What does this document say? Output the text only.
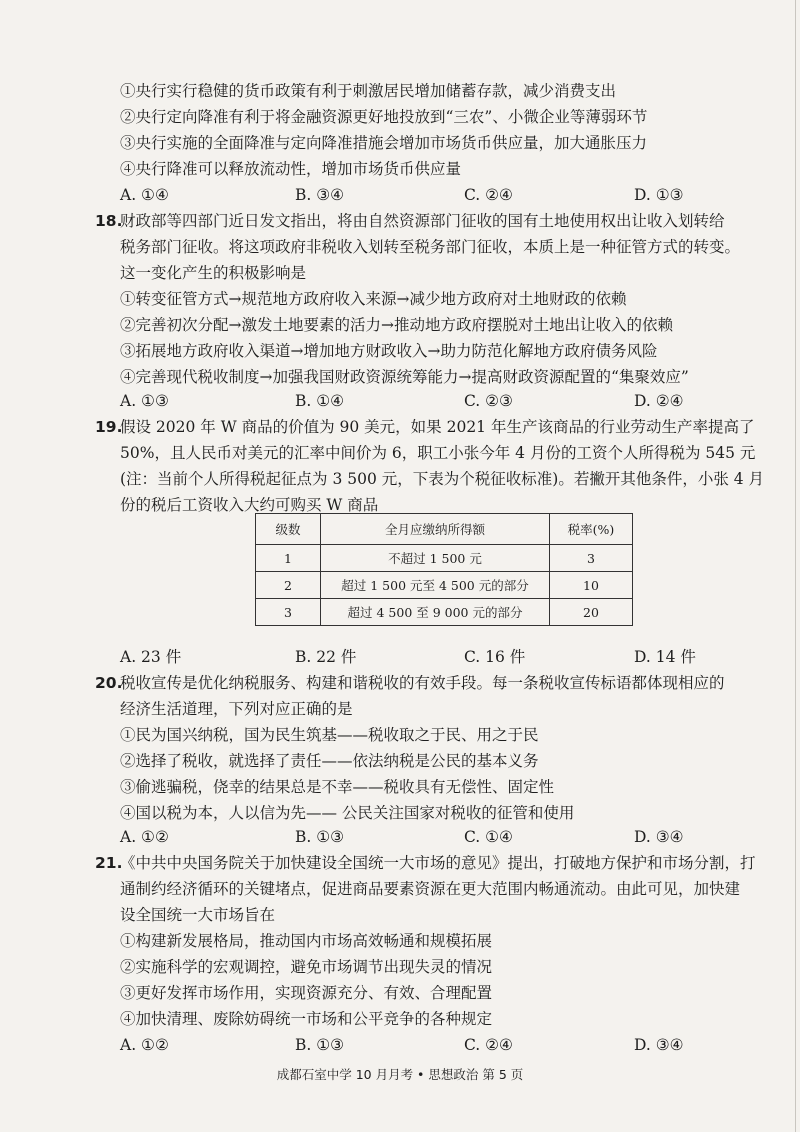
①央行实行稳健的货币政策有利于刺激居民增加储蓄存款，减少消费支出
②央行定向降准有利于将金融资源更好地投放到“三农”、小微企业等薄弱环节
③央行实施的全面降准与定向降准措施会增加市场货币供应量，加大通胀压力
④央行降准可以释放流动性，增加市场货币供应量
A. ①④	B. ③④	C. ②④	D. ①③
18.
财政部等四部门近日发文指出，将由自然资源部门征收的国有土地使用权出让收入划转给
税务部门征收。将这项政府非税收入划转至税务部门征收，本质上是一种征管方式的转变。
这一变化产生的积极影响是
①转变征管方式→规范地方政府收入来源→减少地方政府对土地财政的依赖
②完善初次分配→激发土地要素的活力→推动地方政府摆脱对土地出让收入的依赖
③拓展地方政府收入渠道→增加地方财政收入→助力防范化解地方政府债务风险
④完善现代税收制度→加强我国财政资源统筹能力→提高财政资源配置的“集聚效应”
A. ①③	B. ①④	C. ②③	D. ②④
19.
假设 2020 年 W 商品的价值为 90 美元，如果 2021 年生产该商品的行业劳动生产率提高了
50%，且人民币对美元的汇率中间价为 6，职工小张今年 4 月份的工资个人所得税为 545 元
(注：当前个人所得税起征点为 3 500 元，下表为个税征收标准)。若撇开其他条件，小张 4 月
份的税后工资收入大约可购买 W 商品
级数	全月应缴纳所得额	税率(%)
1	不超过 1 500 元	3
2	超过 1 500 元至 4 500 元的部分	10
3	超过 4 500 至 9 000 元的部分	20
A. 23 件	B. 22 件	C. 16 件	D. 14 件
20.
税收宣传是优化纳税服务、构建和谐税收的有效手段。每一条税收宣传标语都体现相应的
经济生活道理，下列对应正确的是
①民为国兴纳税，国为民生筑基——税收取之于民、用之于民
②选择了税收，就选择了责任——依法纳税是公民的基本义务
③偷逃骗税，侥幸的结果总是不幸——税收具有无偿性、固定性
④国以税为本，人以信为先—— 公民关注国家对税收的征管和使用
A. ①②	B. ①③	C. ①④	D. ③④
21.
《中共中央国务院关于加快建设全国统一大市场的意见》提出，打破地方保护和市场分割，打
通制约经济循环的关键堵点，促进商品要素资源在更大范围内畅通流动。由此可见，加快建
设全国统一大市场旨在
①构建新发展格局，推动国内市场高效畅通和规模拓展
②实施科学的宏观调控，避免市场调节出现失灵的情况
③更好发挥市场作用，实现资源充分、有效、合理配置
④加快清理、废除妨碍统一市场和公平竞争的各种规定
A. ①②	B. ①③	C. ②④	D. ③④
成都石室中学 10 月月考 • 思想政治 第 5 页
